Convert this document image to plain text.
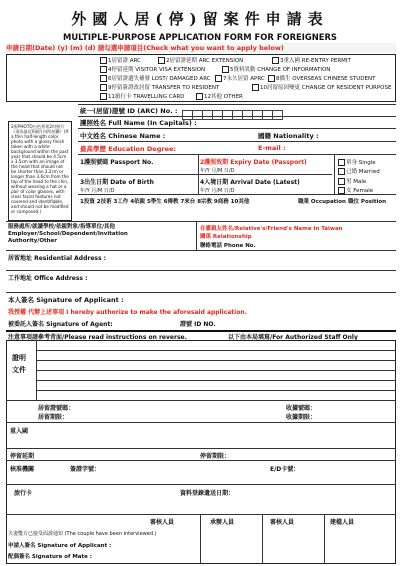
外國人居(停)留案件申請表
MULTIPLE-PURPOSE APPLICATION FORM FOR FOREIGNERS
申請日期(Date) (y) (m) (d) 請勾選申請項目(Check what you want to apply below)
1居留證 ARC	2居留證延期 ARC EXTENSION	3重入國 RE-ENTRY PERMIT
4停留延期 VISITOR VISA EXTENSION	5資料異動 CHANGE OF INFORMATION
6居留證遺失補發 LOST/ DAMAGED ARC	7永久居留 APRC	8僑生 OVERSEAS CHINESE STUDENT
9停留簽證改居留 TRANSFER TO RESIDENT	10居留原因變更 CHANGE OF RESIDENT PURPOSE
11旅行卡 TRAVELLING CARD	12其他 OTHER
2張PHOTO白色背景2吋照片（須為最近6個月內所拍攝）(If a thin half-length color photo with a glossy finish taken with a white background within the past year that should be 4.5cm x 3.5cm with an image of the head that should not be shorter than 3.2cm or longer than 3.6cm from the top of the head to the chin, without wearing a hat or a pair of color glasses, with clear facial features not covered and identifiable, and should not be modified or composed.)
統一(居留)證號 ID (ARC) No. :
護照姓名 Full Name (In Capitals) :
中文姓名 Chinese Name :	國籍 Nationality :
最高學歷 Education Degree:	E-mail :
1護照號碼 Passport No.	2護照效期 Expiry Date (Passport)	單身 Single
年/Y 月/M 日/D	已婚 Married
3出生日期 Date of Birth	4入境日期 Arrival Date (Latest)	男 Male
年/Y 月/M 日/D	年/Y 月/M 日/D	女 Female
1投資 2技術 3工作 4依親 5學生 6傳教 7來台 8宗教 9商務 10其他	職業 Occupation 職位 Position
服務處所/就讀學校/依親對象/指導單位/其他 Employer/School/Dependent/Invitation Authority/Other
在臺親友姓名/Relative's/Friend's Name in Taiwan
關係 Relationship
聯絡電話 Phone No.
居留地址 Residential Address :
工作地址 Office Address :
本人簽名 Signature of Applicant :
我授權 代辦上述事項 I hereby authorize to make the aforesaid application.
被委託人簽名 Signature of Agent:	證號 ID NO.
注意事項請參考背面/Please read instructions on reverse.	以下由本局填寫/For Authorized Staff Only
證明文件
居留證號碼：	收據號碼：
居留期限：	收據期限：
重入國
停留延期	停留期限：
核准機關	簽證字號：	E/D卡號：
旅行卡	資料登錄遺送日期：
審核人員	承辦人員	審核人員	建檔人員
夫妻雙方已接受面談通知 (The couple have been interviewed.)
申請人簽名 Signature of Applicant :
配偶簽名 Signature of Mate :
